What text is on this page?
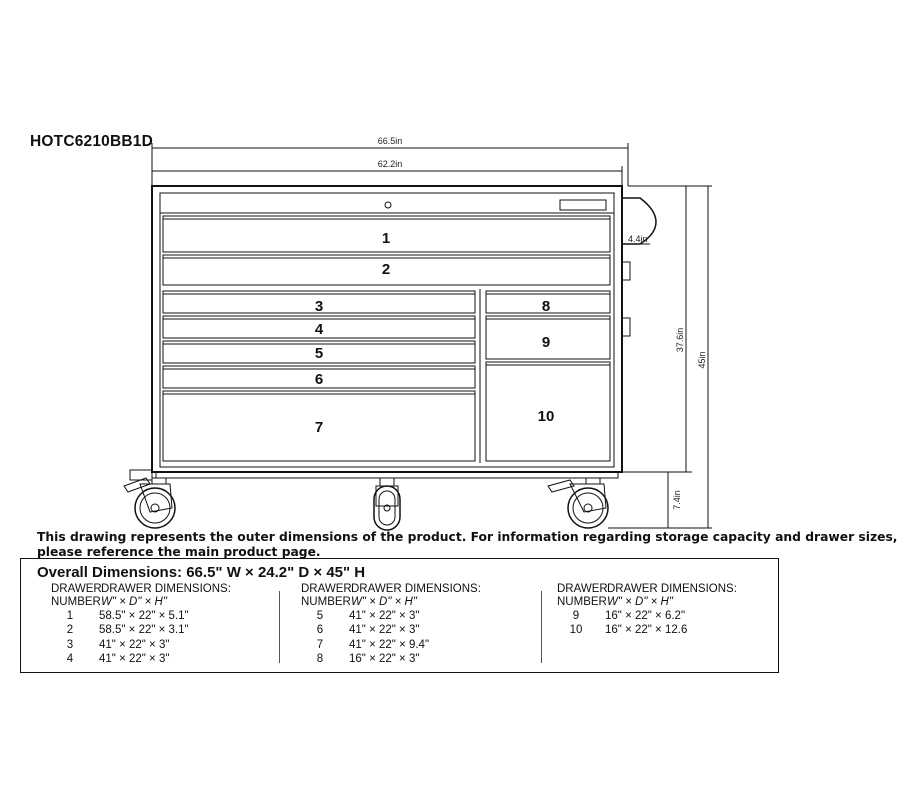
HOTC6210BB1D	66.5in
62.2in
4.4in
37.6in
45in
7.4in
1
2
3
4
5
6
7
8
9
10
This drawing represents the outer dimensions of the product. For information regarding storage capacity and drawer sizes,
please reference the main product page.
Overall Dimensions: 66.5" W × 24.2" D × 45" H
DRAWER
NUMBER
DRAWER DIMENSIONS:
W" × D" × H"
1	58.5" × 22" × 5.1"
2	58.5" × 22" × 3.1"
3	41" × 22" × 3"
4	41" × 22" × 3"
DRAWER
NUMBER
DRAWER DIMENSIONS:
W" × D" × H"
5	41" × 22" × 3"
6	41" × 22" × 3"
7	41" × 22" × 9.4"
8	16" × 22" × 3"
DRAWER
NUMBER
DRAWER DIMENSIONS:
W" × D" × H"
9	16" × 22" × 6.2"
10	16" × 22" × 12.6
